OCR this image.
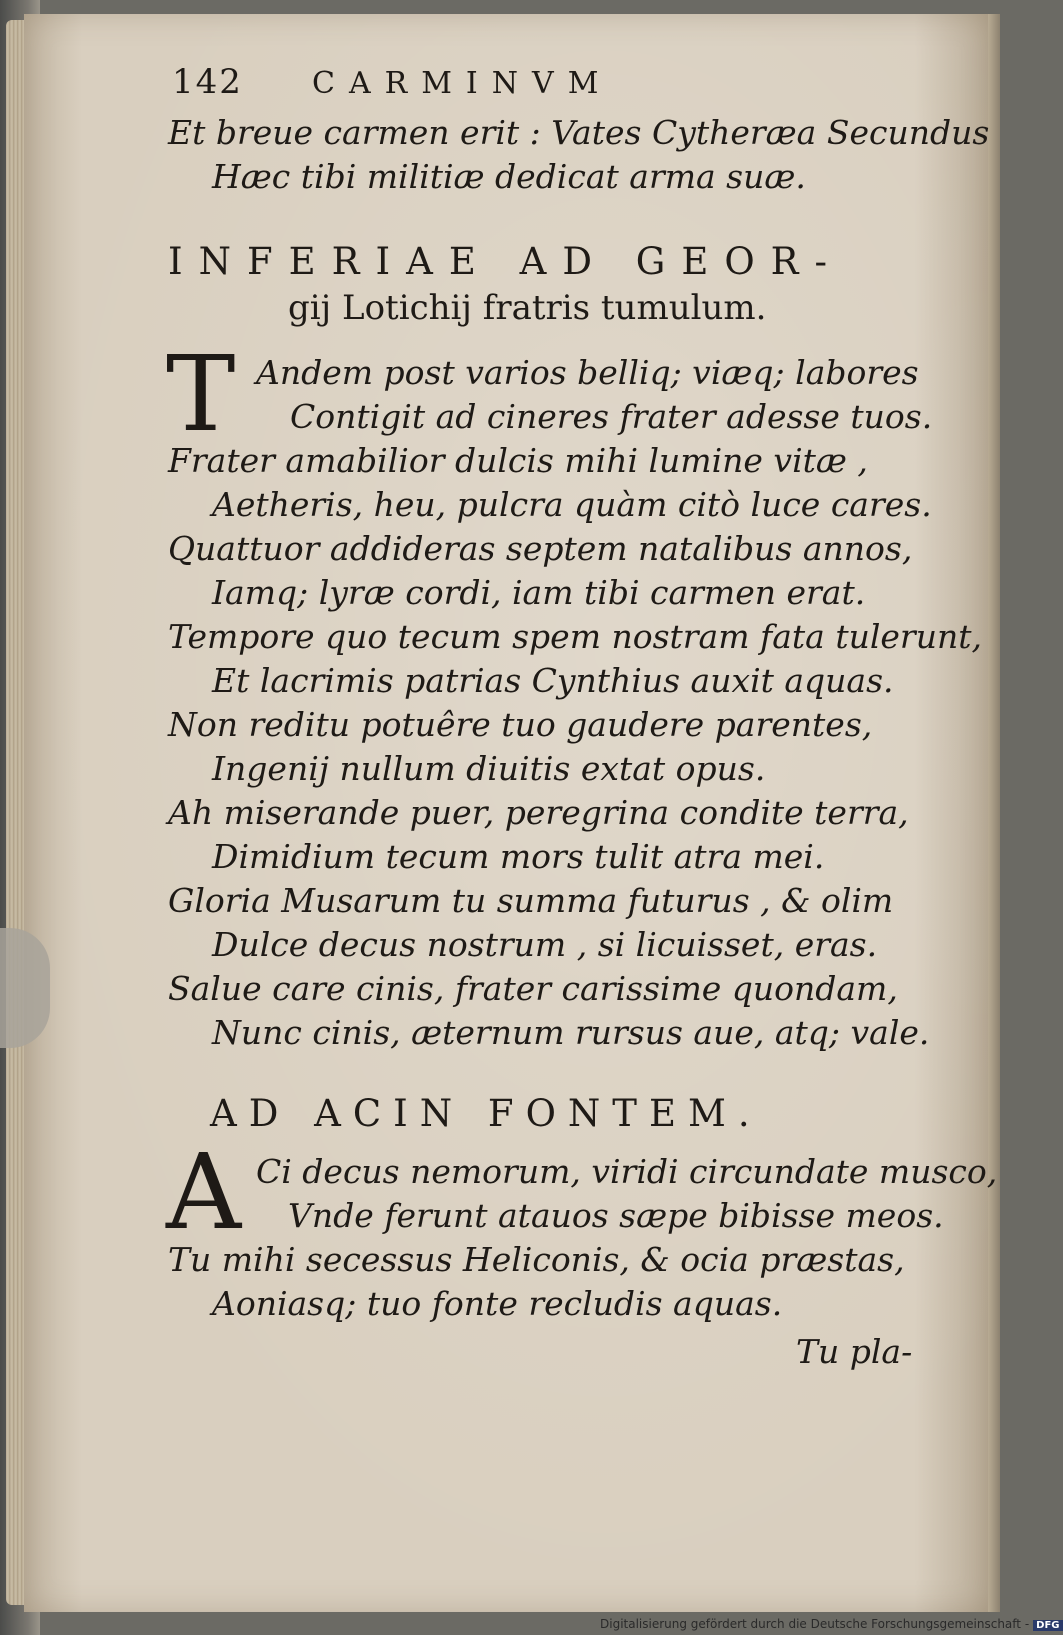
142 CARMINVM
Et breue carmen erit : Vates Cytheræa Secundus
Hæc tibi militiæ dedicat arma suæ.
INFERIAE AD GEOR-
gij Lotichij fratris tumulum.
T Andem post varios belliq; viæq; labores
Contigit ad cineres frater adesse tuos.
Frater amabilior dulcis mihi lumine vitæ ,
Aetheris, heu, pulcra quàm citò luce cares.
Quattuor addideras septem natalibus annos,
Iamq; lyræ cordi, iam tibi carmen erat.
Tempore quo tecum spem nostram fata tulerunt,
Et lacrimis patrias Cynthius auxit aquas.
Non reditu potuêre tuo gaudere parentes,
Ingenij nullum diuitis extat opus.
Ah miserande puer, peregrina condite terra,
Dimidium tecum mors tulit atra mei.
Gloria Musarum tu summa futurus , & olim
Dulce decus nostrum , si licuisset, eras.
Salue care cinis, frater carissime quondam,
Nunc cinis, æternum rursus aue, atq; vale.
AD ACIN FONTEM.
A Ci decus nemorum, viridi circundate musco,
Vnde ferunt atauos sæpe bibisse meos.
Tu mihi secessus Heliconis, & ocia præstas,
Aoniasq; tuo fonte recludis aquas.
Tu pla-
Digitalisierung gefördert durch die Deutsche Forschungsgemeinschaft - DFG
